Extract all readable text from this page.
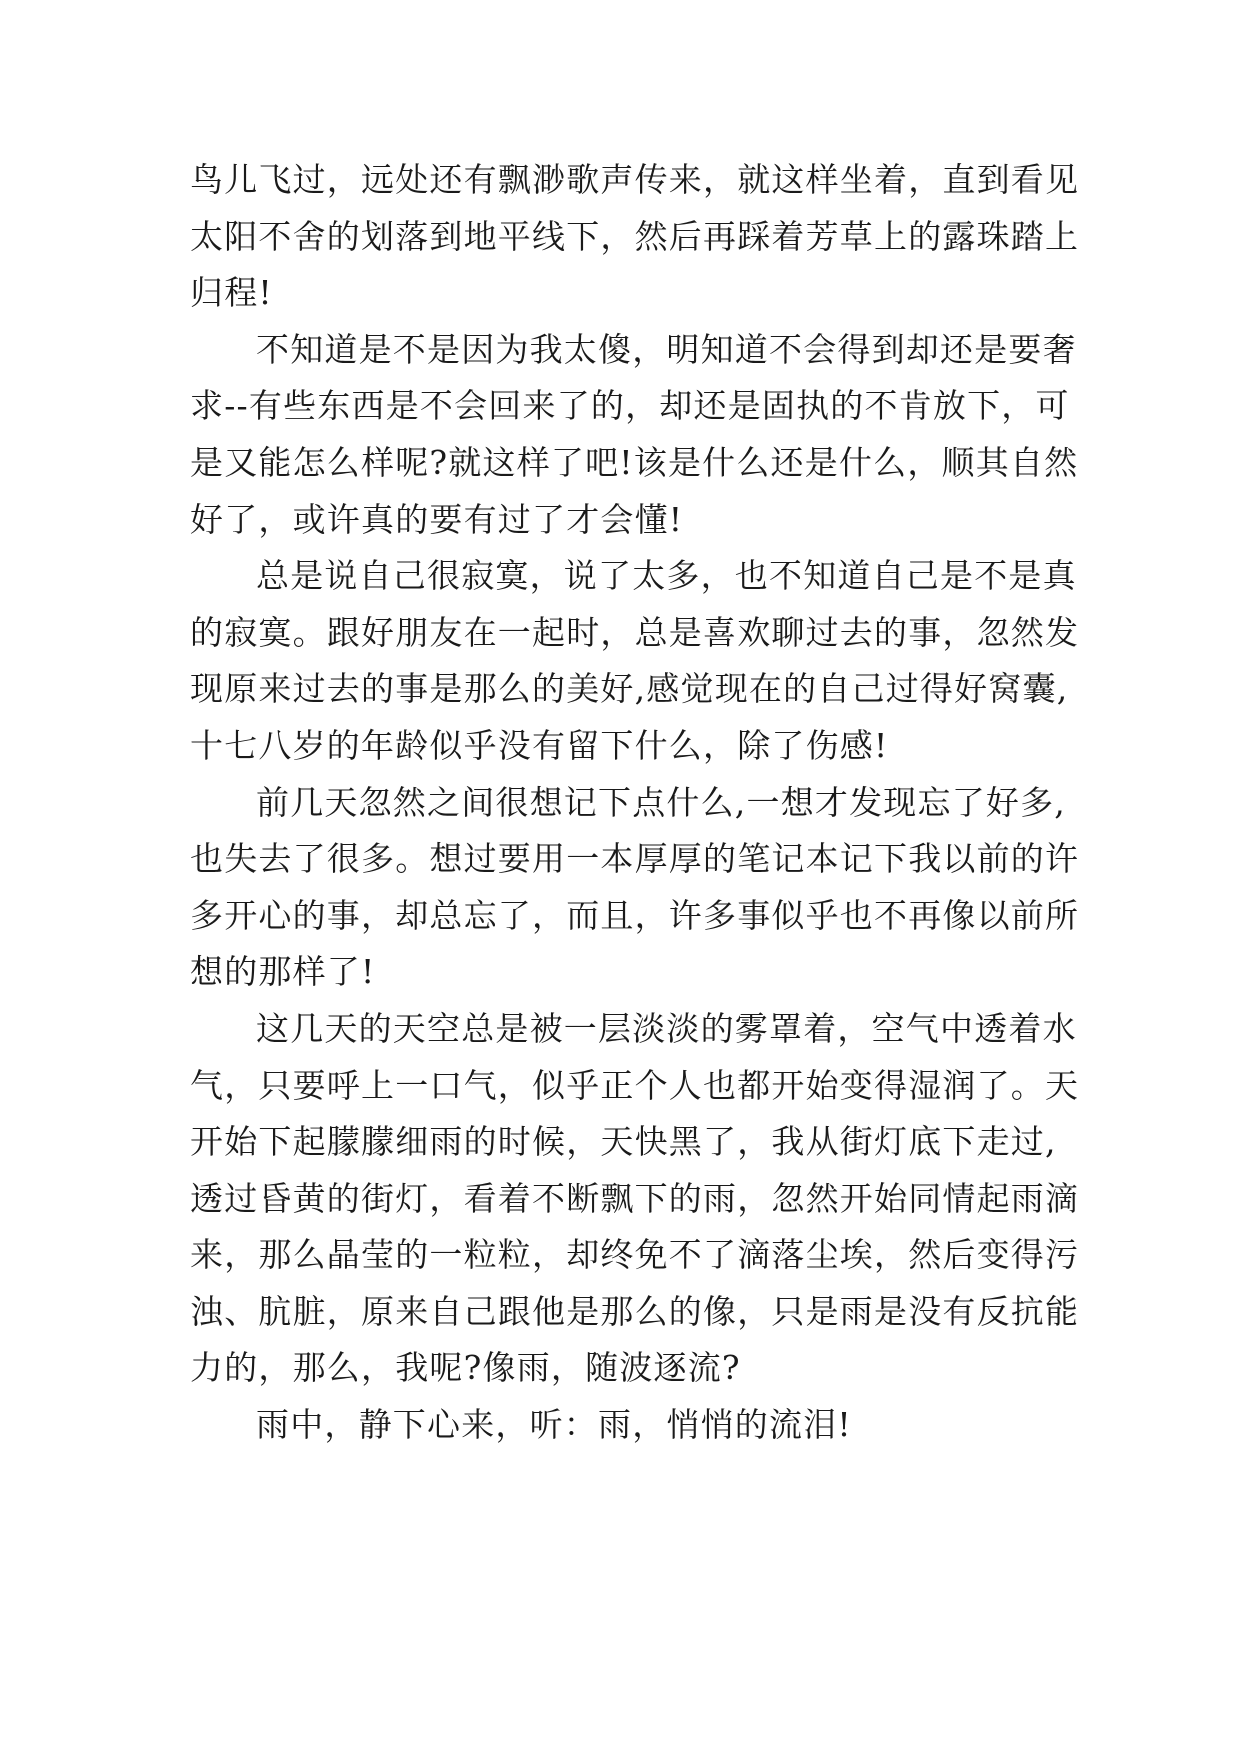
鸟儿飞过，远处还有飘渺歌声传来，就这样坐着，直到看见
太阳不舍的划落到地平线下，然后再踩着芳草上的露珠踏上
归程!
不知道是不是因为我太傻，明知道不会得到却还是要奢
求--有些东西是不会回来了的，却还是固执的不肯放下，可
是又能怎么样呢?就这样了吧!该是什么还是什么，顺其自然
好了，或许真的要有过了才会懂!
总是说自己很寂寞，说了太多，也不知道自己是不是真
的寂寞。跟好朋友在一起时，总是喜欢聊过去的事，忽然发
现原来过去的事是那么的美好,感觉现在的自己过得好窝囊,
十七八岁的年龄似乎没有留下什么，除了伤感!
前几天忽然之间很想记下点什么,一想才发现忘了好多,
也失去了很多。想过要用一本厚厚的笔记本记下我以前的许
多开心的事，却总忘了，而且，许多事似乎也不再像以前所
想的那样了!
这几天的天空总是被一层淡淡的雾罩着，空气中透着水
气，只要呼上一口气，似乎正个人也都开始变得湿润了。天
开始下起朦朦细雨的时候，天快黑了，我从街灯底下走过,
透过昏黄的街灯，看着不断飘下的雨，忽然开始同情起雨滴
来，那么晶莹的一粒粒，却终免不了滴落尘埃，然后变得污
浊、肮脏，原来自己跟他是那么的像，只是雨是没有反抗能
力的，那么，我呢?像雨，随波逐流?
雨中，静下心来，听：雨，悄悄的流泪!
